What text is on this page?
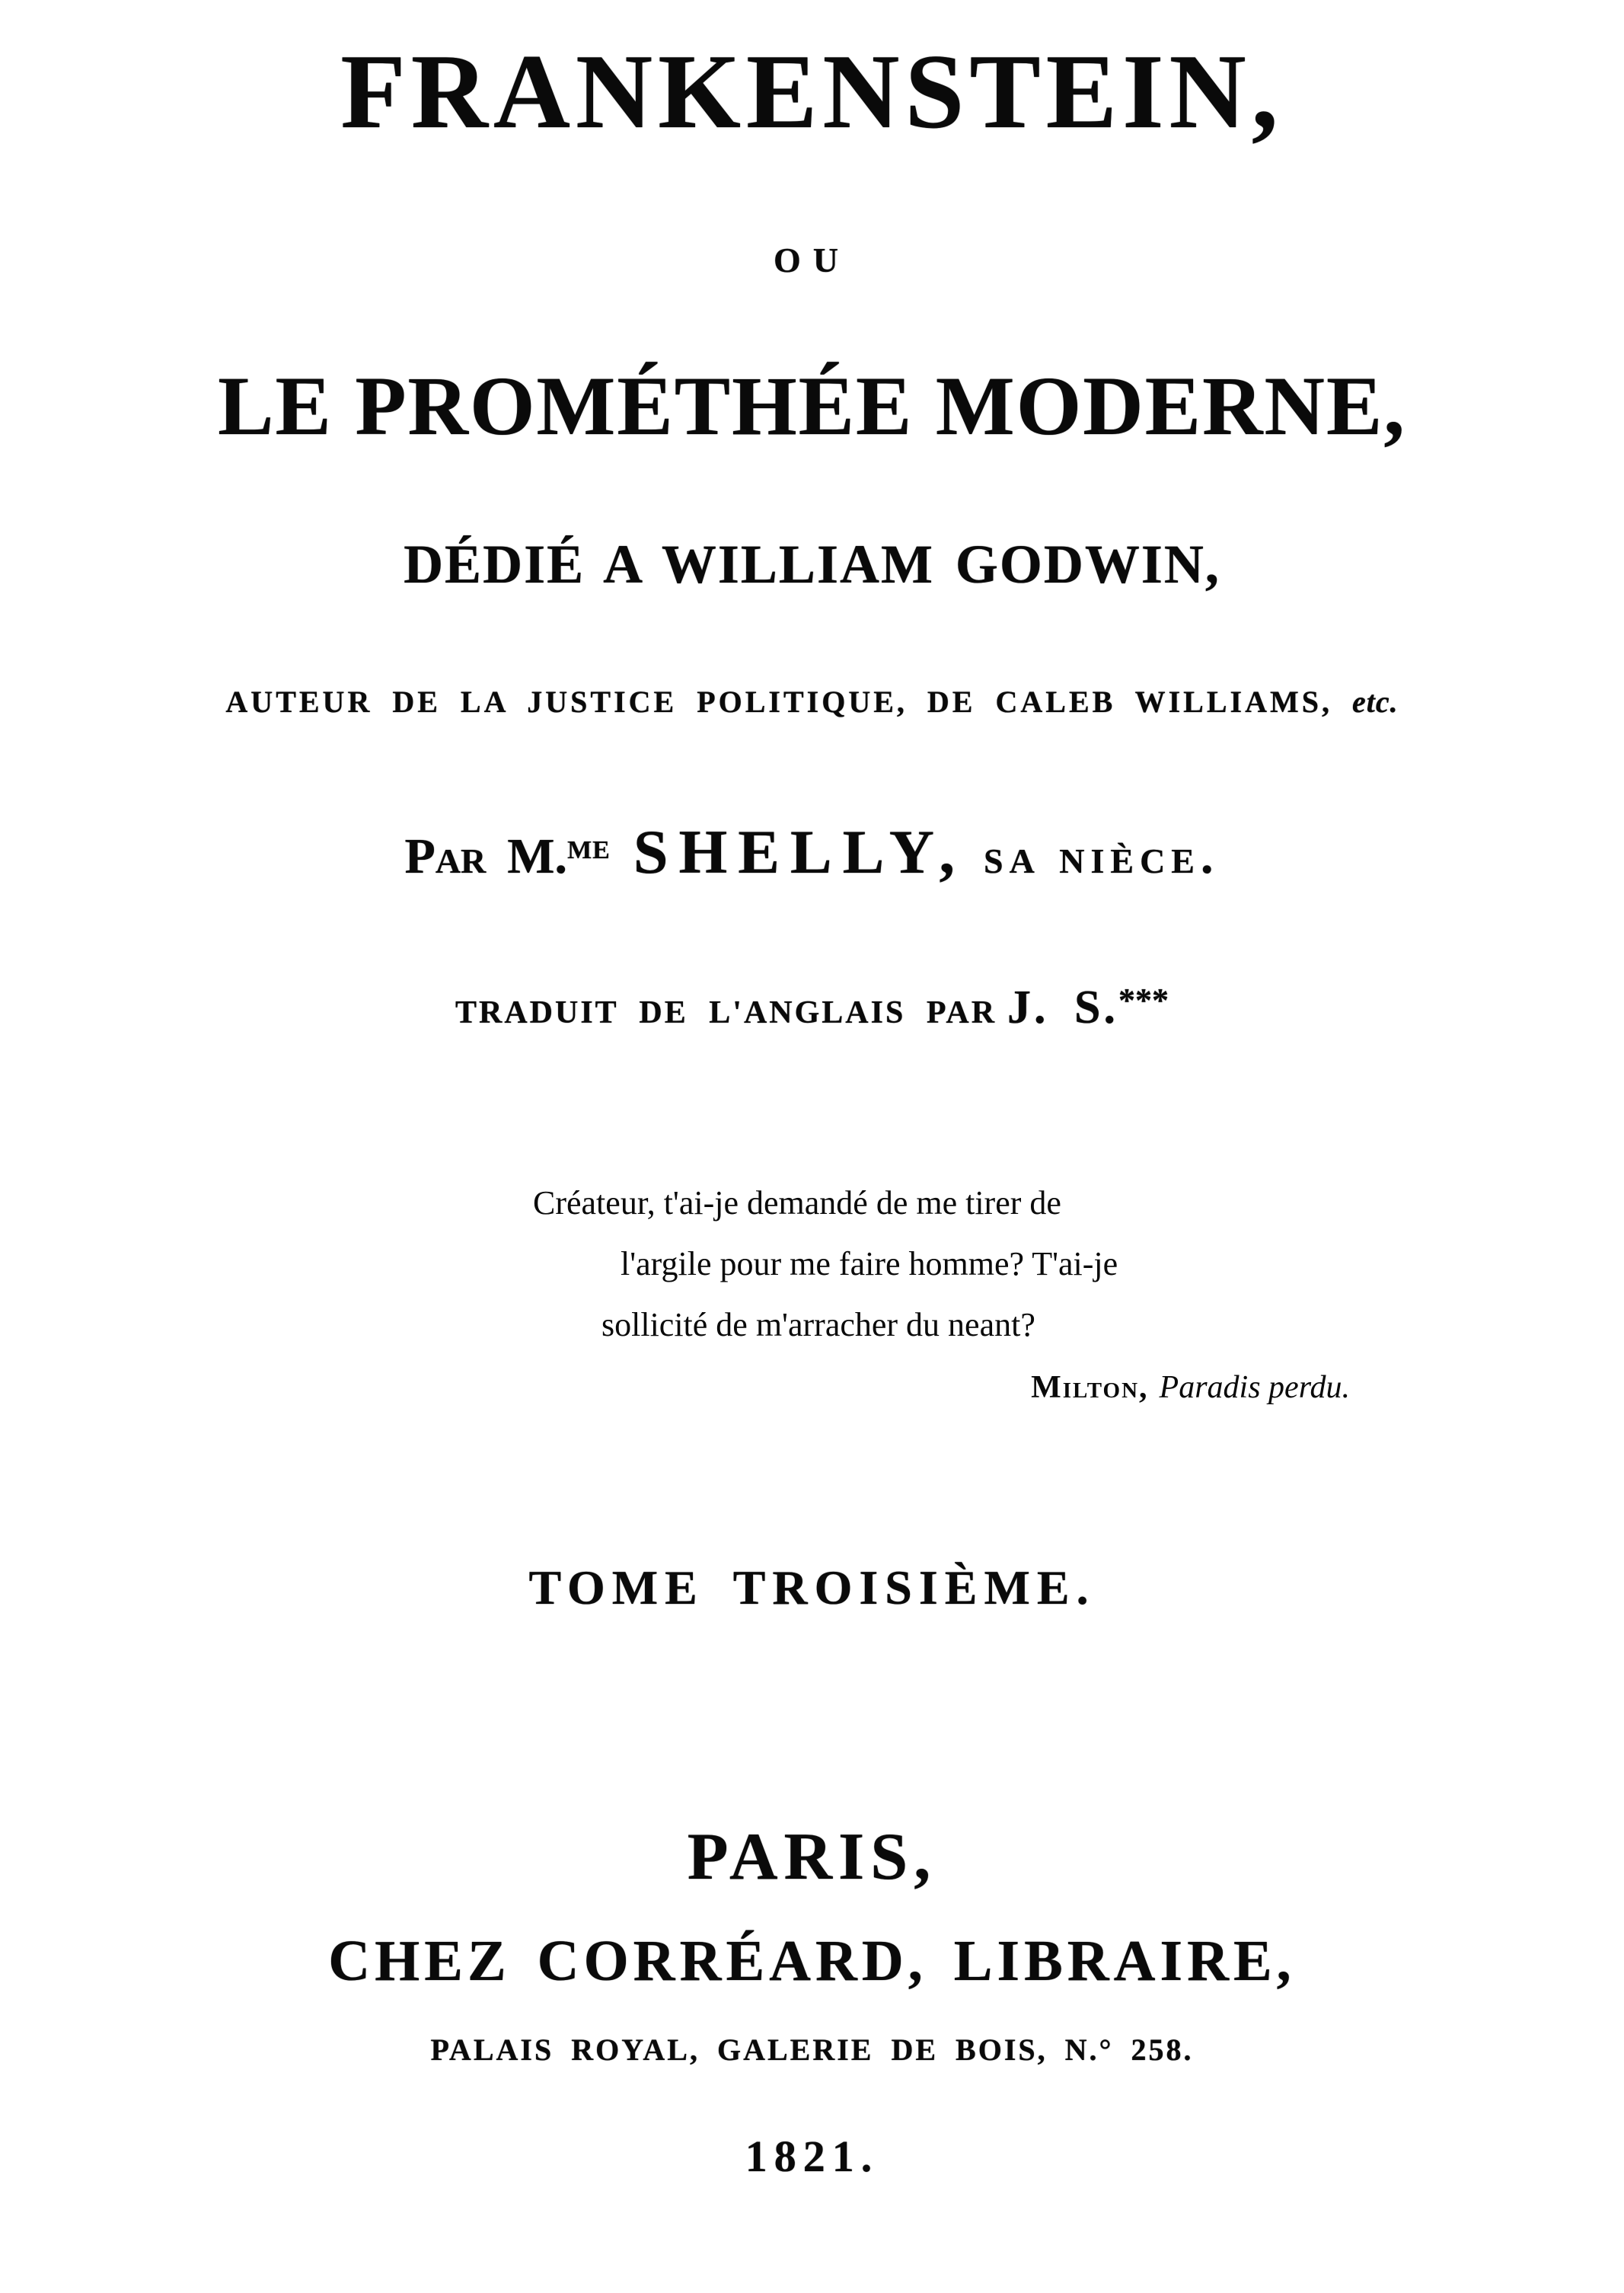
FRANKENSTEIN,
OU
LE PROMÉTHÉE MODERNE,
DÉDIÉ A WILLIAM GODWIN,
AUTEUR DE LA JUSTICE POLITIQUE, DE CALEB WILLIAMS, etc.
Par M.$^{ME}$ SHELLY, sa nièce.
TRADUIT DE L'ANGLAIS PAR J. S.***
Créateur, t'ai-je demandé de me tirer de
l'argile pour me faire homme? T'ai-je
sollicité de m'arracher du neant?
Milton, Paradis perdu.
TOME TROISIÈME.
PARIS,
CHEZ CORRÉARD, LIBRAIRE,
PALAIS ROYAL, GALERIE DE BOIS, N.° 258.
1821.
